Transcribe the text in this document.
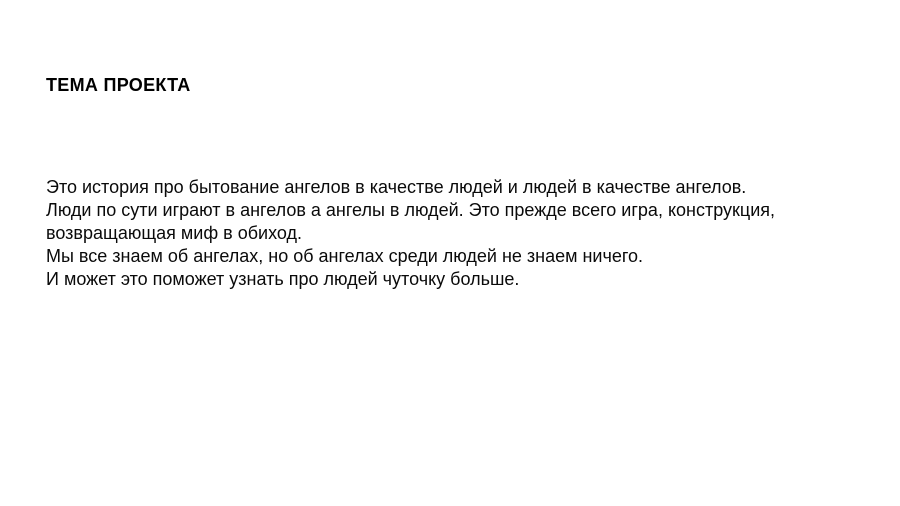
ТЕМА ПРОЕКТА
Это история про бытование ангелов в качестве людей и людей в качестве ангелов.
Люди по сути играют в ангелов а ангелы в людей. Это прежде всего игра, конструкция,
возвращающая миф в обиход.
Мы все знаем об ангелах, но об ангелах среди людей не знаем ничего.
И может это поможет узнать про людей чуточку больше.
